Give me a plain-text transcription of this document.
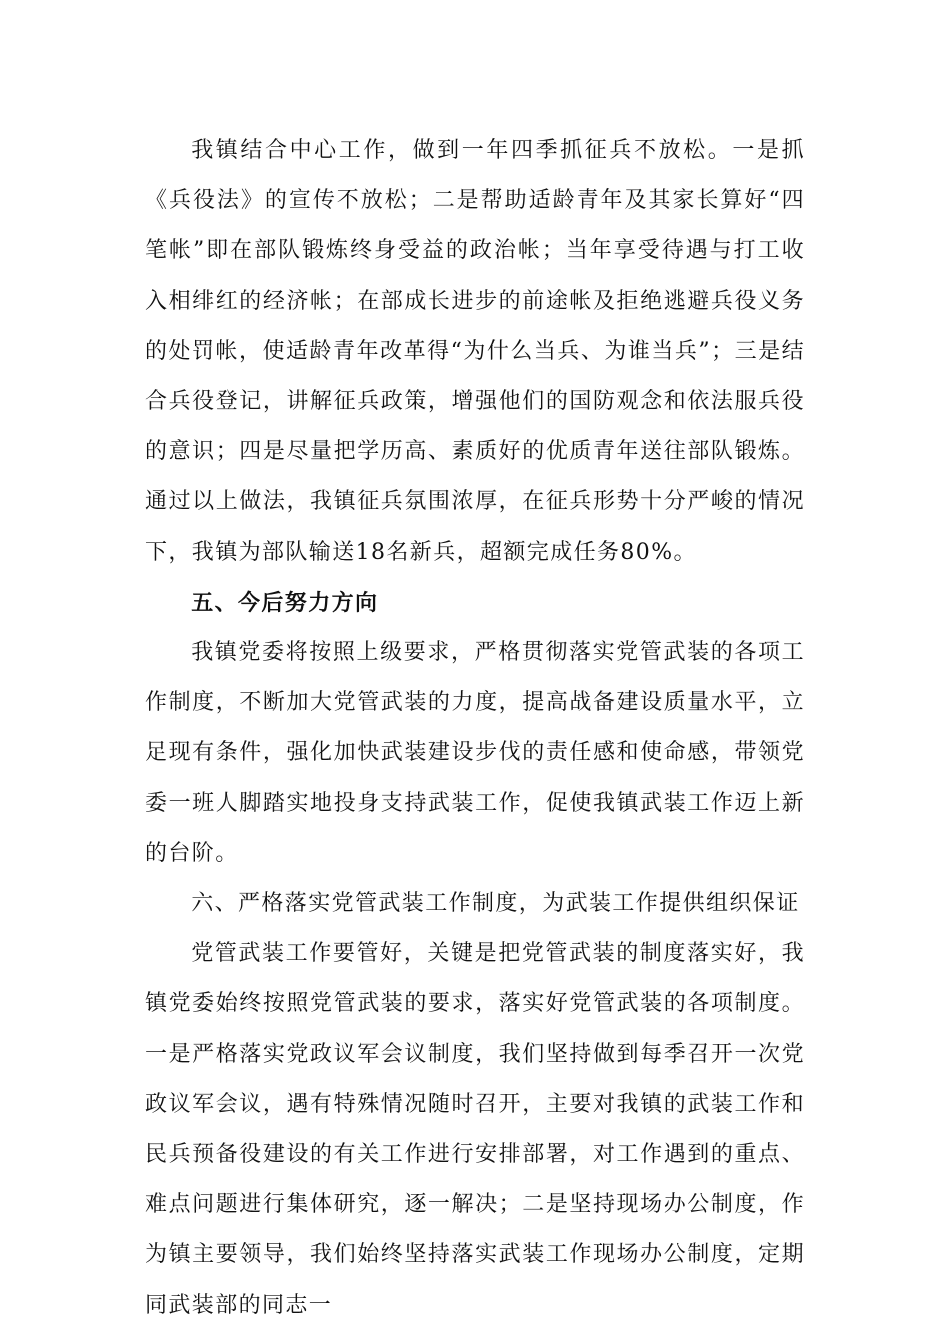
我镇结合中心工作，做到一年四季抓征兵不放松。一是抓《兵役法》的宣传不放松；二是帮助适龄青年及其家长算好“四笔帐”即在部队锻炼终身受益的政治帐；当年享受待遇与打工收入相绯红的经济帐；在部成长进步的前途帐及拒绝逃避兵役义务的处罚帐，使适龄青年改革得“为什么当兵、为谁当兵”；三是结合兵役登记，讲解征兵政策，增强他们的国防观念和依法服兵役的意识；四是尽量把学历高、素质好的优质青年送往部队锻炼。通过以上做法，我镇征兵氛围浓厚，在征兵形势十分严峻的情况下，我镇为部队输送18名新兵，超额完成任务80%。

五、今后努力方向

我镇党委将按照上级要求，严格贯彻落实党管武装的各项工作制度，不断加大党管武装的力度，提高战备建设质量水平，立足现有条件，强化加快武装建设步伐的责任感和使命感，带领党委一班人脚踏实地投身支持武装工作，促使我镇武装工作迈上新的台阶。

六、严格落实党管武装工作制度，为武装工作提供组织保证

党管武装工作要管好，关键是把党管武装的制度落实好，我镇党委始终按照党管武装的要求，落实好党管武装的各项制度。一是严格落实党政议军会议制度，我们坚持做到每季召开一次党政议军会议，遇有特殊情况随时召开，主要对我镇的武装工作和民兵预备役建设的有关工作进行安排部署，对工作遇到的重点、难点问题进行集体研究，逐一解决；二是坚持现场办公制度，作为镇主要领导，我们始终坚持落实武装工作现场办公制度，定期同武装部的同志一
